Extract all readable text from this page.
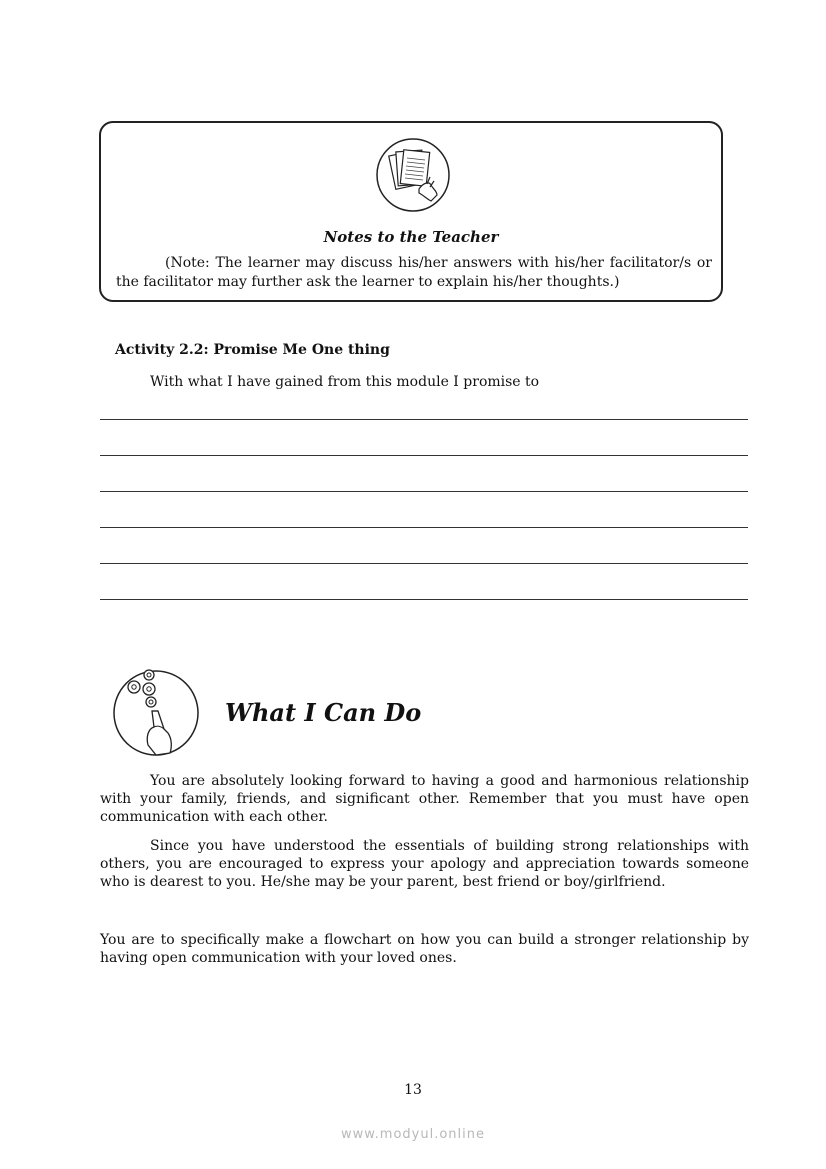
Notes to the Teacher
(Note: The learner may discuss his/her answers with his/her facilitator/s or the facilitator may further ask the learner to explain his/her thoughts.)
Activity 2.2: Promise Me One thing
With what I have gained from this module I promise to
What I Can Do
You are absolutely looking forward to having a good and harmonious relationship with your family, friends, and significant other. Remember that you must have open communication with each other.
Since you have understood the essentials of building strong relationships with others, you are encouraged to express your apology and appreciation towards someone who is dearest to you. He/she may be your parent, best friend or boy/girlfriend.
You are to specifically make a flowchart on how you can build a stronger relationship by having open communication with your loved ones.
13
www.modyul.online
